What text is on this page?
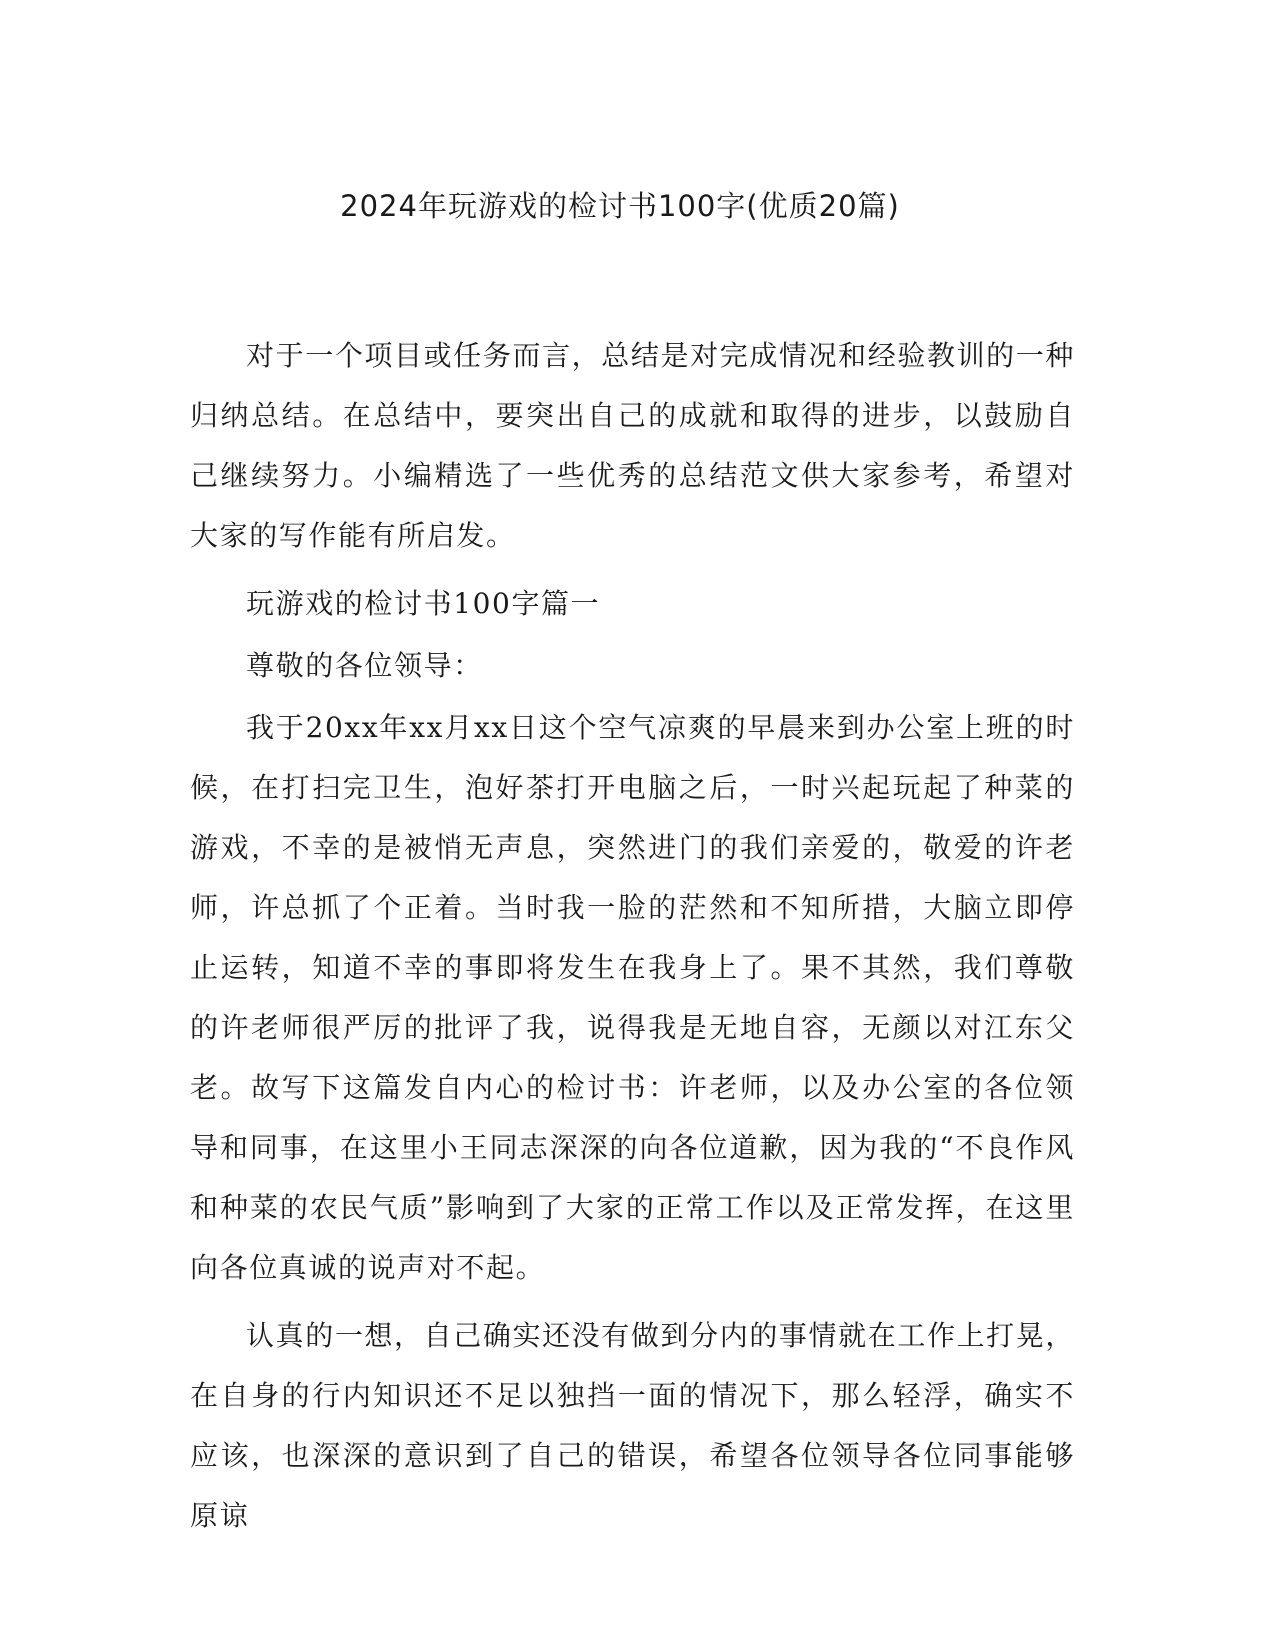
2024年玩游戏的检讨书100字(优质20篇)

对于一个项目或任务而言，总结是对完成情况和经验教训的一种归纳总结。在总结中，要突出自己的成就和取得的进步，以鼓励自己继续努力。小编精选了一些优秀的总结范文供大家参考，希望对大家的写作能有所启发。

玩游戏的检讨书100字篇一

尊敬的各位领导：

我于20xx年xx月xx日这个空气凉爽的早晨来到办公室上班的时候，在打扫完卫生，泡好茶打开电脑之后，一时兴起玩起了种菜的游戏，不幸的是被悄无声息，突然进门的我们亲爱的，敬爱的许老师，许总抓了个正着。当时我一脸的茫然和不知所措，大脑立即停止运转，知道不幸的事即将发生在我身上了。果不其然，我们尊敬的许老师很严厉的批评了我，说得我是无地自容，无颜以对江东父老。故写下这篇发自内心的检讨书：许老师，以及办公室的各位领导和同事，在这里小王同志深深的向各位道歉，因为我的“不良作风和种菜的农民气质”影响到了大家的正常工作以及正常发挥，在这里向各位真诚的说声对不起。

认真的一想，自己确实还没有做到分内的事情就在工作上打晃，在自身的行内知识还不足以独挡一面的情况下，那么轻浮，确实不应该，也深深的意识到了自己的错误，希望各位领导各位同事能够原谅
